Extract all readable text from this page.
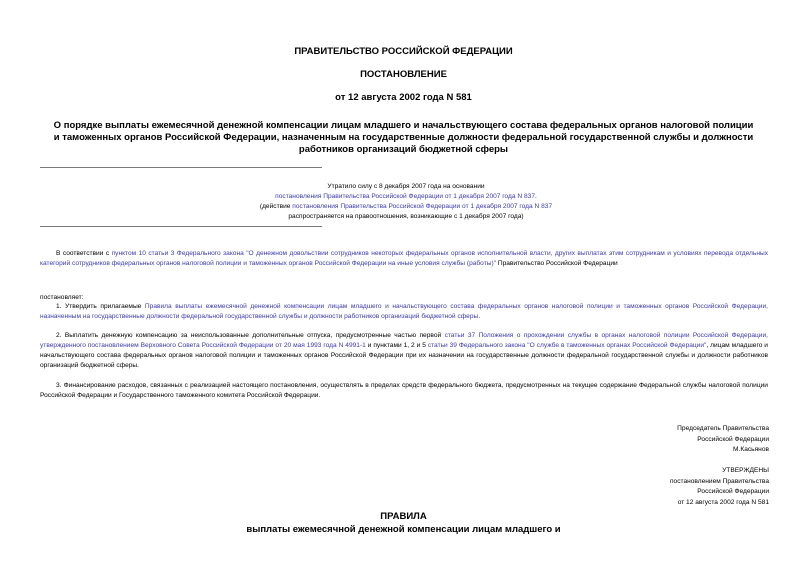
ПРАВИТЕЛЬСТВО РОССИЙСКОЙ ФЕДЕРАЦИИ
ПОСТАНОВЛЕНИЕ
от 12 августа 2002 года N 581
О порядке выплаты ежемесячной денежной компенсации лицам младшего и начальствующего состава федеральных органов налоговой полиции и таможенных органов Российской Федерации, назначенным на государственные должности федеральной государственной службы и должности работников организаций бюджетной сферы
Утратило силу с 8 декабря 2007 года на основании
постановления Правительства Российской Федерации от 1 декабря 2007 года N 837.
(действие постановления Правительства Российской Федерации от 1 декабря 2007 года N 837
распространяется на правоотношения, возникающие с 1 декабря 2007 года)
В соответствии с пунктом 10 статьи 3 Федерального закона "О денежном довольствии сотрудников некоторых федеральных органов исполнительной власти, других выплатах этим сотрудникам и условиях перевода отдельных категорий сотрудников федеральных органов налоговой полиции и таможенных органов Российской Федерации на иные условия службы (работы)" Правительство Российской Федерации
постановляет:
1. Утвердить прилагаемые Правила выплаты ежемесячной денежной компенсации лицам младшего и начальствующего состава федеральных органов налоговой полиции и таможенных органов Российской Федерации, назначенным на государственные должности федеральной государственной службы и должности работников организаций бюджетной сферы.
2. Выплатить денежную компенсацию за неиспользованные дополнительные отпуска, предусмотренные частью первой статьи 37 Положения о прохождении службы в органах налоговой полиции Российской Федерации, утвержденного постановлением Верховного Совета Российской Федерации от 20 мая 1993 года N 4991-1 и пунктами 1, 2 и 5 статьи 39 Федерального закона "О службе в таможенных органах Российской Федерации", лицам младшего и начальствующего состава федеральных органов налоговой полиции и таможенных органов Российской Федерации при их назначении на государственные должности федеральной государственной службы и должности работников организаций бюджетной сферы.
3. Финансирование расходов, связанных с реализацией настоящего постановления, осуществлять в пределах средств федерального бюджета, предусмотренных на текущее содержание Федеральной службы налоговой полиции Российской Федерации и Государственного таможенного комитета Российской Федерации.
Председатель Правительства
Российской Федерации
М.Касьянов
УТВЕРЖДЕНЫ
постановлением Правительства
Российской Федерации
от 12 августа 2002 года N 581
ПРАВИЛА
выплаты ежемесячной денежной компенсации лицам младшего и
